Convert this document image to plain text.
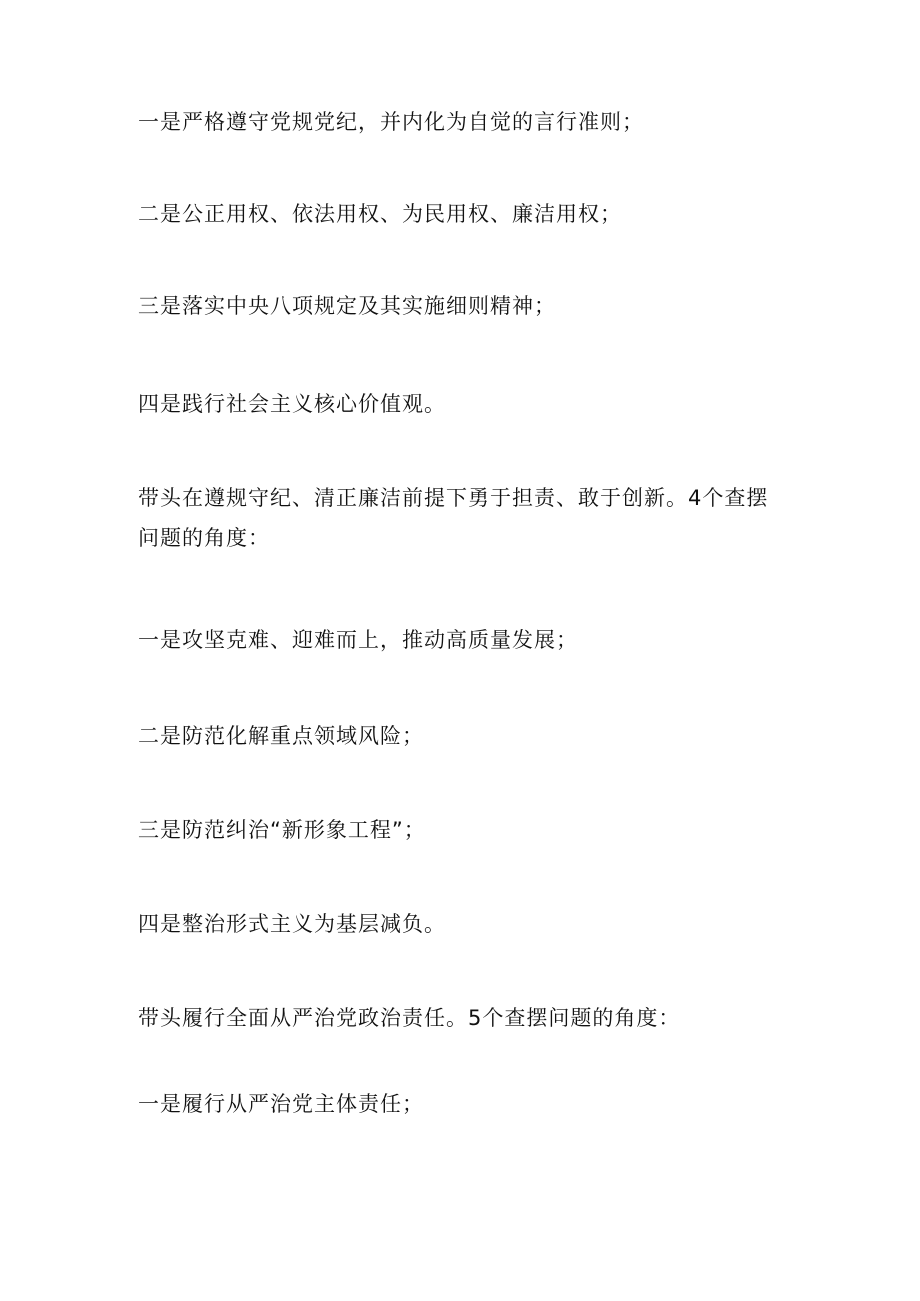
一是严格遵守党规党纪，并内化为自觉的言行准则；

二是公正用权、依法用权、为民用权、廉洁用权；

三是落实中央八项规定及其实施细则精神；

四是践行社会主义核心价值观。

带头在遵规守纪、清正廉洁前提下勇于担责、敢于创新。4个查摆问题的角度：

一是攻坚克难、迎难而上，推动高质量发展；

二是防范化解重点领域风险；

三是防范纠治“新形象工程”；

四是整治形式主义为基层减负。

带头履行全面从严治党政治责任。5个查摆问题的角度：

一是履行从严治党主体责任；
